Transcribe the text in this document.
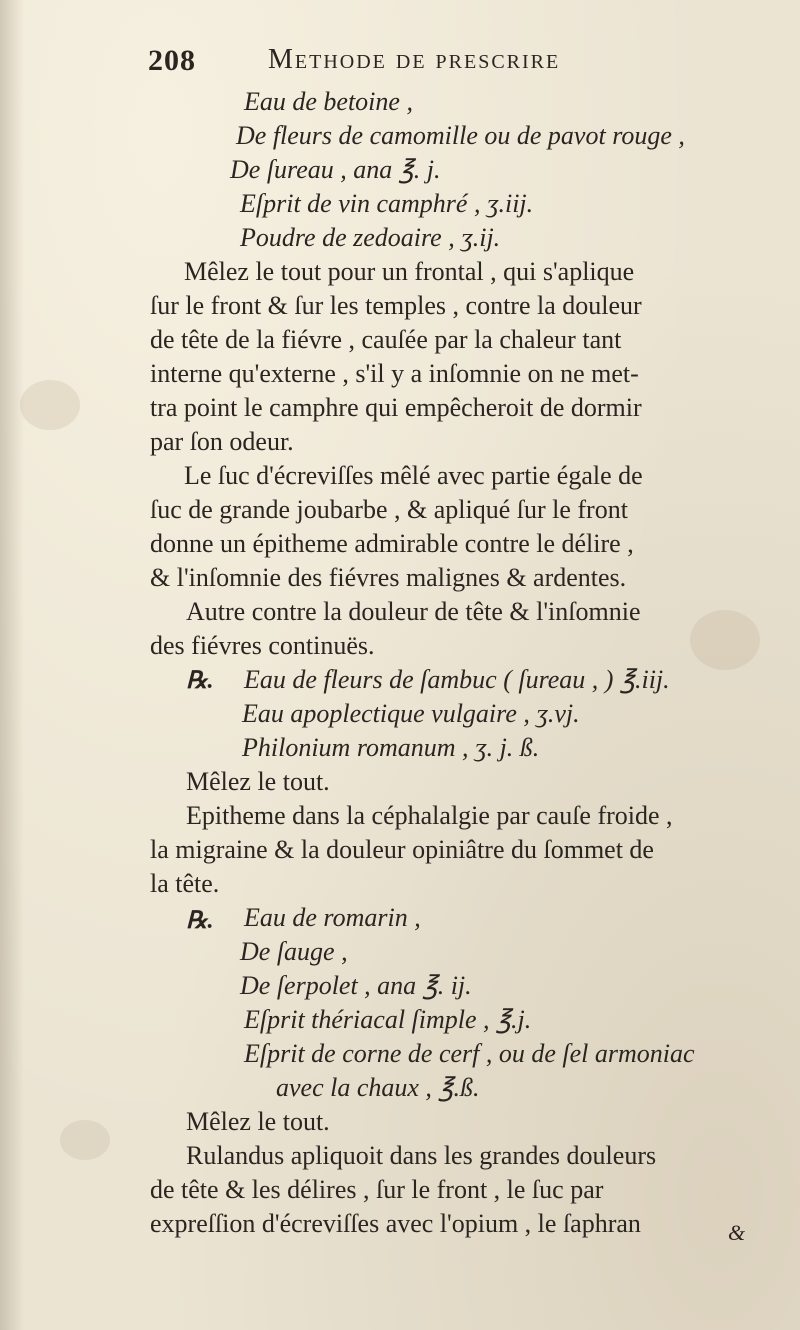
208	Methode de prescrire
Eau de betoine ,
De fleurs de camomille ou de pavot rouge ,
De ſureau , ana ℥. j.
Eſprit de vin camphré , ʒ.iij.
Poudre de zedoaire , ʒ.ij.
Mêlez le tout pour un frontal , qui s'aplique
ſur le front & ſur les temples , contre la douleur
de tête de la fiévre , cauſée par la chaleur tant
interne qu'externe , s'il y a inſomnie on ne met-
tra point le camphre qui empêcheroit de dormir
par ſon odeur.
Le ſuc d'écreviſſes mêlé avec partie égale de
ſuc de grande joubarbe , & apliqué ſur le front
donne un épitheme admirable contre le délire ,
& l'inſomnie des fiévres malignes & ardentes.
Autre contre la douleur de tête & l'inſomnie
des fiévres continuës.
℞. Eau de fleurs de ſambuc ( ſureau , ) ℥.iij.
Eau apoplectique vulgaire , ʒ.vj.
Philonium romanum , ʒ. j. ß.
Mêlez le tout.
Epitheme dans la céphalalgie par cauſe froide ,
la migraine & la douleur opiniâtre du ſommet de
la tête.
℞. Eau de romarin ,
De ſauge ,
De ſerpolet , ana ℥. ij.
Eſprit thériacal ſimple , ℥.j.
Eſprit de corne de cerf , ou de ſel armoniac
avec la chaux , ℥.ß.
Mêlez le tout.
Rulandus apliquoit dans les grandes douleurs
de tête & les délires , ſur le front , le ſuc par
expreſſion d'écreviſſes avec l'opium , le ſaphran	&
